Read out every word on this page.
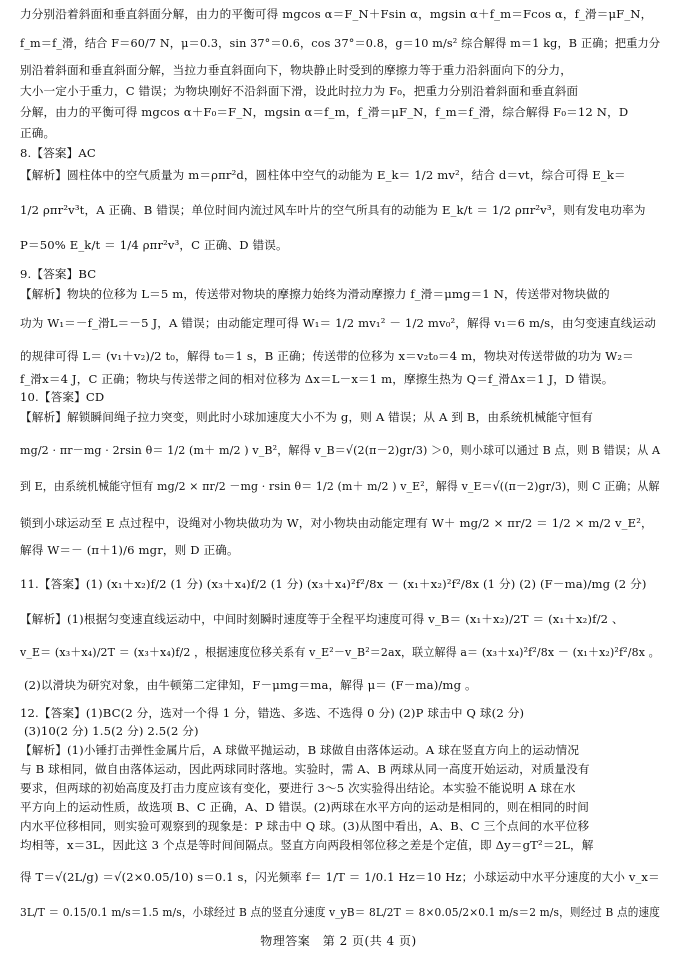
力分别沿着斜面和垂直斜面分解，由力的平衡可得 mgcos α＝F_N＋Fsin α，mgsin α＋f_m＝Fcos α，f_滑＝μF_N，
f_m＝f_滑，结合 F＝60/7 N，μ＝0.3，sin 37°＝0.6，cos 37°＝0.8，g＝10 m/s² 综合解得 m＝1 kg，B 正确；把重力分
别沿着斜面和垂直斜面分解，当拉力垂直斜面向下，物块静止时受到的摩擦力等于重力沿斜面向下的分力，
大小一定小于重力，C 错误；为物块刚好不沿斜面下滑，设此时拉力为 F₀，把重力分别沿着斜面和垂直斜面
分解，由力的平衡可得 mgcos α＋F₀＝F_N，mgsin α＝f_m，f_滑＝μF_N，f_m＝f_滑，综合解得 F₀＝12 N，D
正确。
8.【答案】AC
【解析】圆柱体中的空气质量为 m＝ρπr²d，圆柱体中空气的动能为 E_k＝ 1/2 mv²，结合 d＝vt，综合可得 E_k＝
1/2 ρπr²v³t，A 正确、B 错误；单位时间内流过风车叶片的空气所具有的动能为 E_k/t ＝ 1/2 ρπr²v³，则有发电功率为
P＝50% E_k/t ＝ 1/4 ρπr²v³，C 正确、D 错误。
9.【答案】BC
【解析】物块的位移为 L＝5 m，传送带对物块的摩擦力始终为滑动摩擦力 f_滑＝μmg＝1 N，传送带对物块做的
功为 W₁＝－f_滑L＝－5 J，A 错误；由动能定理可得 W₁＝ 1/2 mv₁² － 1/2 mv₀²，解得 v₁＝6 m/s，由匀变速直线运动
的规律可得 L＝ (v₁＋v₂)/2 t₀，解得 t₀＝1 s，B 正确；传送带的位移为 x＝v₂t₀＝4 m，物块对传送带做的功为 W₂＝
f_滑x＝4 J，C 正确；物块与传送带之间的相对位移为 Δx＝L－x＝1 m，摩擦生热为 Q＝f_滑Δx＝1 J，D 错误。
10.【答案】CD
【解析】解锁瞬间绳子拉力突变，则此时小球加速度大小不为 g，则 A 错误；从 A 到 B，由系统机械能守恒有
mg/2 · πr－mg · 2rsin θ＝ 1/2 (m＋ m/2 ) v_B²，解得 v_B＝√(2(π－2)gr/3) ＞0，则小球可以通过 B 点，则 B 错误；从 A
到 E，由系统机械能守恒有 mg/2 × πr/2 －mg · rsin θ＝ 1/2 (m＋ m/2 ) v_E²，解得 v_E＝√((π－2)gr/3)，则 C 正确；从解
锁到小球运动至 E 点过程中，设绳对小物块做功为 W，对小物块由动能定理有 W＋ mg/2 × πr/2 ＝ 1/2 × m/2 v_E²，
解得 W＝－ (π＋1)/6 mgr，则 D 正确。
11.【答案】(1) (x₁＋x₂)f/2 (1 分) (x₃＋x₄)f/2 (1 分) (x₃＋x₄)²f²/8x － (x₁＋x₂)²f²/8x (1 分) (2) (F－ma)/mg (2 分)
【解析】(1)根据匀变速直线运动中，中间时刻瞬时速度等于全程平均速度可得 v_B＝ (x₁＋x₂)/2T ＝ (x₁＋x₂)f/2 、
v_E＝ (x₃＋x₄)/2T ＝ (x₃＋x₄)f/2 ，根据速度位移关系有 v_E²－v_B²＝2ax，联立解得 a＝ (x₃＋x₄)²f²/8x － (x₁＋x₂)²f²/8x 。
(2)以滑块为研究对象，由牛顿第二定律知，F－μmg＝ma，解得 μ＝ (F－ma)/mg 。
12.【答案】(1)BC(2 分，选对一个得 1 分，错选、多选、不选得 0 分) (2)P 球击中 Q 球(2 分)
(3)10(2 分) 1.5(2 分) 2.5(2 分)
【解析】(1)小锤打击弹性金属片后，A 球做平抛运动，B 球做自由落体运动。A 球在竖直方向上的运动情况
与 B 球相同，做自由落体运动，因此两球同时落地。实验时，需 A、B 两球从同一高度开始运动，对质量没有
要求，但两球的初始高度及打击力度应该有变化，要进行 3～5 次实验得出结论。本实验不能说明 A 球在水
平方向上的运动性质，故选项 B、C 正确，A、D 错误。(2)两球在水平方向的运动是相同的，则在相同的时间
内水平位移相同，则实验可观察到的现象是：P 球击中 Q 球。(3)从图中看出，A、B、C 三个点间的水平位移
均相等，x＝3L，因此这 3 个点是等时间间隔点。竖直方向两段相邻位移之差是个定值，即 Δy＝gT²＝2L，解
得 T＝√(2L/g) ＝√(2×0.05/10) s＝0.1 s，闪光频率 f＝ 1/T ＝ 1/0.1 Hz＝10 Hz；小球运动中水平分速度的大小 v_x＝
3L/T ＝ 0.15/0.1 m/s＝1.5 m/s，小球经过 B 点的竖直分速度 v_yB＝ 8L/2T ＝ 8×0.05/2×0.1 m/s＝2 m/s，则经过 B 点的速度
物理答案　第 2 页(共 4 页)
